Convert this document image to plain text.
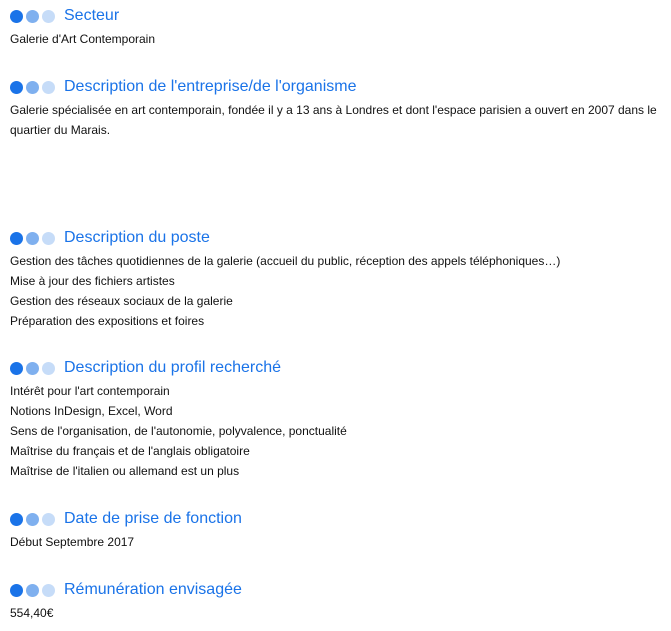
Secteur

Galerie d'Art Contemporain

Description de l'entreprise/de l'organisme

Galerie spécialisée en art contemporain, fondée il y a 13 ans à Londres et dont l'espace parisien a ouvert en 2007 dans le quartier du Marais.

Description du poste

Gestion des tâches quotidiennes de la galerie (accueil du public, réception des appels téléphoniques…)

Mise à jour des fichiers artistes

Gestion des réseaux sociaux de la galerie

Préparation des expositions et foires

Description du profil recherché

Intérêt pour l'art contemporain

Notions InDesign, Excel, Word

Sens de l'organisation, de l'autonomie, polyvalence, ponctualité

Maîtrise du français et de l'anglais obligatoire

Maîtrise de l'italien ou allemand est un plus

Date de prise de fonction

Début Septembre 2017

Rémunération envisagée

554,40€
